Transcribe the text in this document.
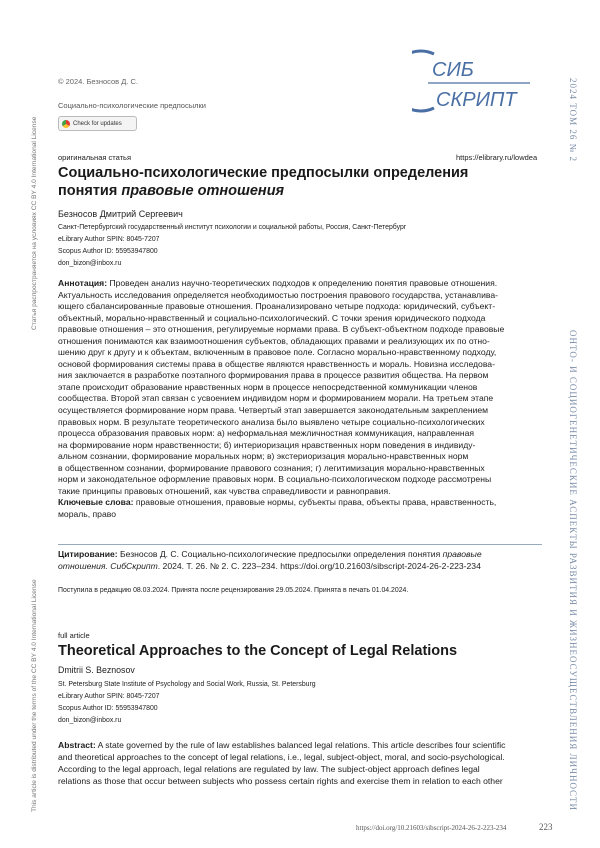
Статья распространяется на условиях CC BY 4.0 International License
This article is distributed under the terms of the CC BY 4.0 International License
2024 ТОМ 26 № 2
ОНТО- И СОЦИОГЕНЕТИЧЕСКИЕ АСПЕКТЫ РАЗВИТИЯ И ЖИЗНЕОСУЩЕСТВЛЕНИЯ ЛИЧНОСТИ
© 2024. Безносов Д. С.
Социально-психологические предпосылки
Check for updates
СИБ
СКРИПТ
оригинальная статья	https://elibrary.ru/lowdea
Социально-психологические предпосылки определения
понятия правовые отношения
Безносов Дмитрий Сергеевич
Санкт-Петербургский государственный институт психологии и социальной работы, Россия, Санкт-Петербург
eLibrary Author SPIN: 8045-7207
Scopus Author ID: 55953947800
don_bizon@inbox.ru
Аннотация: Проведен анализ научно-теоретических подходов к определению понятия правовые отношения.
Актуальность исследования определяется необходимостью построения правового государства, устанавлива-
ющего сбалансированные правовые отношения. Проанализировано четыре подхода: юридический, субъект-
объектный, морально-нравственный и социально-психологический. С точки зрения юридического подхода
правовые отношения – это отношения, регулируемые нормами права. В субъект-объектном подходе правовые
отношения понимаются как взаимоотношения субъектов, обладающих правами и реализующих их по отно-
шению друг к другу и к объектам, включенным в правовое поле. Согласно морально-нравственному подходу,
основой формирования системы права в обществе являются нравственность и мораль. Новизна исследова-
ния заключается в разработке поэтапного формирования права в процессе развития общества. На первом
этапе происходит образование нравственных норм в процессе непосредственной коммуникации членов
сообщества. Второй этап связан с усвоением индивидом норм и формированием морали. На третьем этапе
осуществляется формирование норм права. Четвертый этап завершается законодательным закреплением
правовых норм. В результате теоретического анализа было выявлено четыре социально-психологических
процесса образования правовых норм: а) неформальная межличностная коммуникация, направленная
на формирование норм нравственности; б) интериоризация нравственных норм поведения в индивиду-
альном сознании, формирование моральных норм; в) экстериоризация морально-нравственных норм
в общественном сознании, формирование правового сознания; г) легитимизация морально-нравственных
норм и законодательное оформление правовых норм. В социально-психологическом подходе рассмотрены
такие принципы правовых отношений, как чувства справедливости и равноправия.
Ключевые слова: правовые отношения, правовые нормы, субъекты права, объекты права, нравственность,
мораль, право
Цитирование: Безносов Д. С. Социально-психологические предпосылки определения понятия правовые
отношения. СибСкрипт. 2024. Т. 26. № 2. С. 223–234. https://doi.org/10.21603/sibscript-2024-26-2-223-234
Поступила в редакцию 08.03.2024. Принята после рецензирования 29.05.2024. Принята в печать 01.04.2024.
full article
Theoretical Approaches to the Concept of Legal Relations
Dmitrii S. Beznosov
St. Petersburg State Institute of Psychology and Social Work, Russia, St. Petersburg
eLibrary Author SPIN: 8045-7207
Scopus Author ID: 55953947800
don_bizon@inbox.ru
Abstract: A state governed by the rule of law establishes balanced legal relations. This article describes four scientific
and theoretical approaches to the concept of legal relations, i.e., legal, subject-object, moral, and socio-psychological.
According to the legal approach, legal relations are regulated by law. The subject-object approach defines legal
relations as those that occur between subjects who possess certain rights and exercise them in relation to each other
https://doi.org/10.21603/sibscript-2024-26-2-223-234	223
